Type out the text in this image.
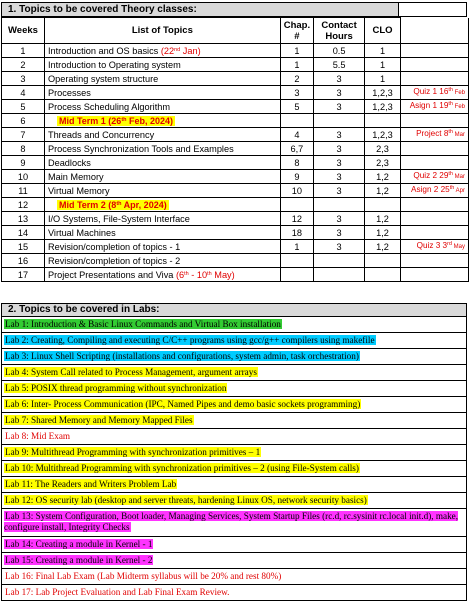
1. Topics to be covered Theory classes:
Weeks	List of Topics	Chap. #	Contact Hours	CLO	
1	Introduction and OS basics (22nd Jan)	1	0.5	1	
2	Introduction to Operating system	1	5.5	1	
3	Operating system structure	2	3	1	
4	Processes	3	3	1,2,3	Quiz 1 16th Feb
5	Process Scheduling Algorithm	5	3	1,2,3	Asign 1 19th Feb
6	Mid Term 1 (26th Feb, 2024)				
7	Threads and Concurrency	4	3	1,2,3	Project 8th Mar
8	Process Synchronization Tools and Examples	6,7	3	2,3	
9	Deadlocks	8	3	2,3	
10	Main Memory	9	3	1,2	Quiz 2 29th Mar
11	Virtual Memory	10	3	1,2	Asign 2 25th Apr
12	Mid Term 2 (8th Apr, 2024)				
13	I/O Systems, File-System Interface	12	3	1,2	
14	Virtual Machines	18	3	1,2	
15	Revision/completion of topics - 1	1	3	1,2	Quiz 3 3rd May
16	Revision/completion of topics - 2				
17	Project Presentations and Viva (6th - 10th May)				
2. Topics to be covered in Labs:
Lab 1: Introduction & Basic Linux Commands and Virtual Box installation
Lab 2: Creating, Compiling and executing C/C++ programs using gcc/g++ compilers using makefile
Lab 3: Linux Shell Scripting (installations and configurations, system admin, task orchestration)
Lab 4: System Call related to Process Management, argument arrays
Lab 5: POSIX thread programming without synchronization
Lab 6: Inter- Process Communication (IPC, Named Pipes and demo basic sockets programming)
Lab 7: Shared Memory and Memory Mapped Files
Lab 8: Mid Exam
Lab 9: Multithread Programming with synchronization primitives – 1
Lab 10: Multithread Programming with synchronization primitives – 2 (using File-System calls)
Lab 11: The Readers and Writers Problem Lab
Lab 12: OS security lab (desktop and server threats, hardening Linux OS, network security basics)
Lab 13: System Configuration, Boot loader, Managing Services, System Startup Files (rc.d, rc.sysinit rc.local init.d), make, configure install, Integrity Checks
Lab 14: Creating a module in Kernel - 1
Lab 15: Creating a module in Kernel - 2
Lab 16: Final Lab Exam (Lab Midterm syllabus will be 20% and rest 80%)
Lab 17: Lab Project Evaluation and Lab Final Exam Review.
